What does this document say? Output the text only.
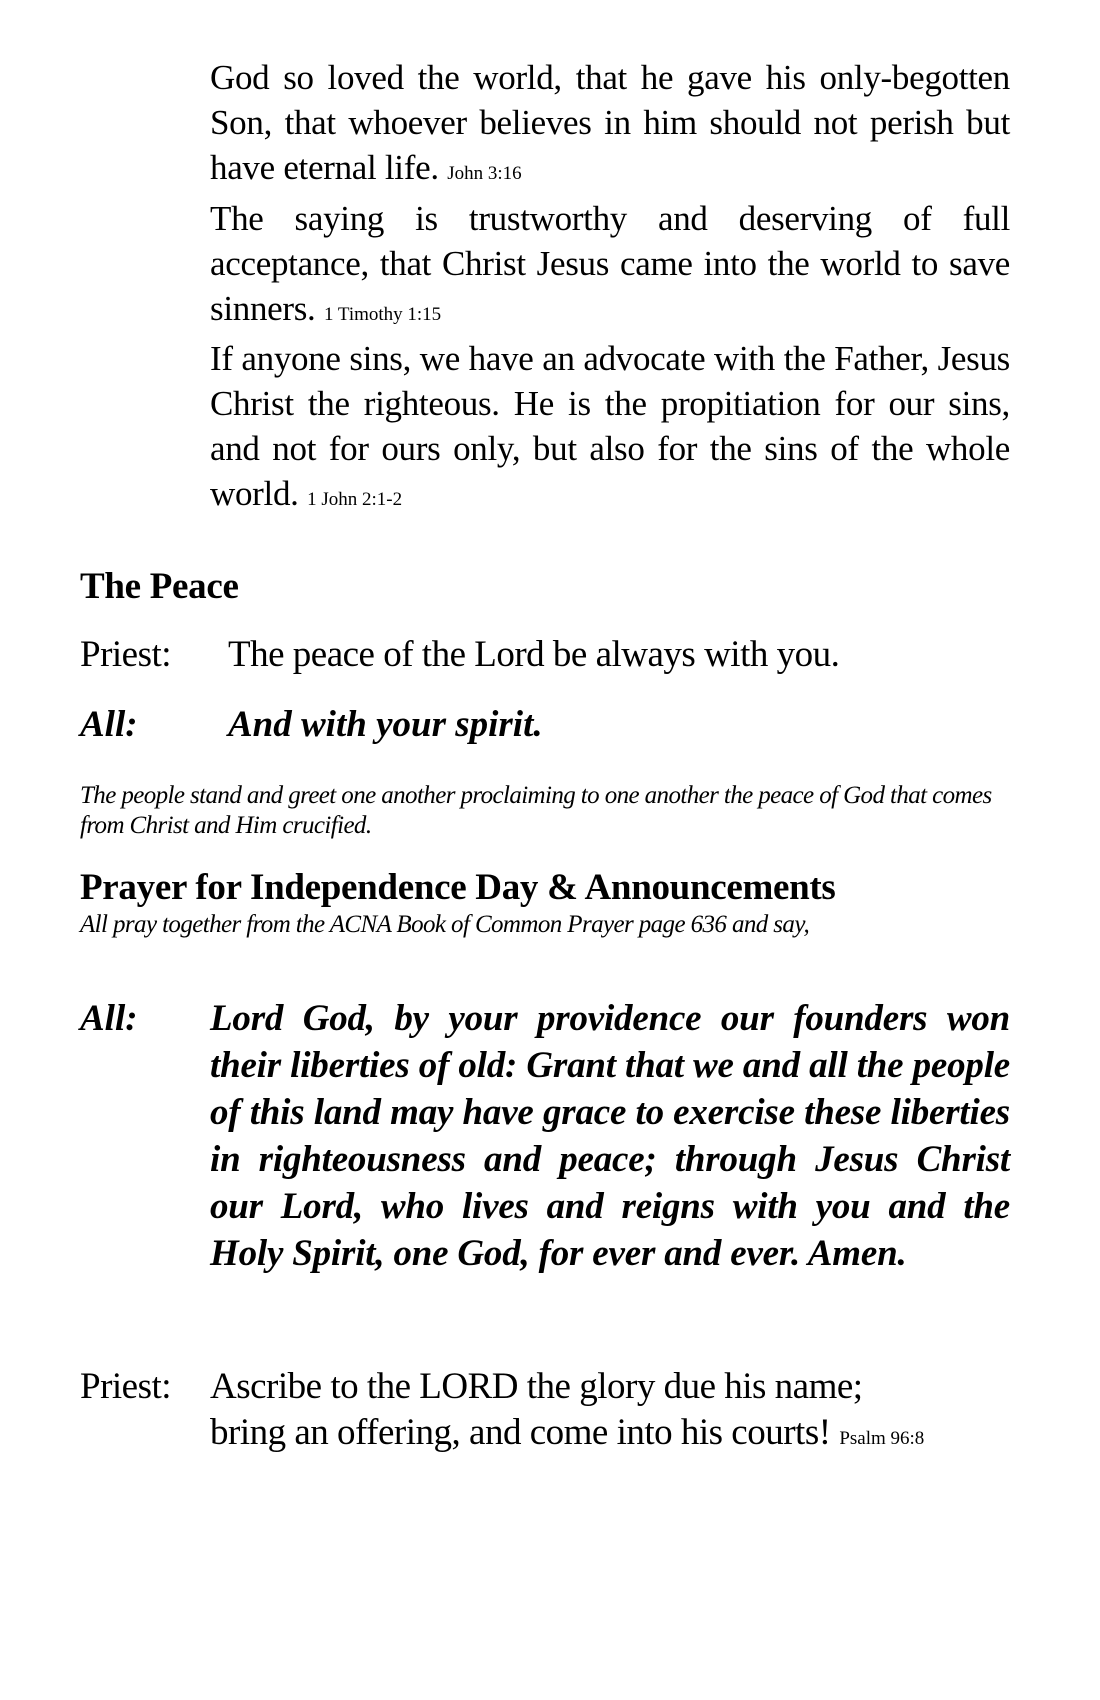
God so loved the world, that he gave his only-begotten Son, that whoever believes in him should not perish but have eternal life. John 3:16

The saying is trustworthy and deserving of full acceptance, that Christ Jesus came into the world to save sinners. 1 Timothy 1:15

If anyone sins, we have an advocate with the Father, Jesus Christ the righteous. He is the propitiation for our sins, and not for ours only, but also for the sins of the whole world. 1 John 2:1-2

The Peace
Priest: The peace of the Lord be always with you.
All: And with your spirit.
The people stand and greet one another proclaiming to one another the peace of God that comes from Christ and Him crucified.
Prayer for Independence Day & Announcements
All pray together from the ACNA Book of Common Prayer page 636 and say,
All: Lord God, by your providence our founders won their liberties of old: Grant that we and all the people of this land may have grace to exercise these liberties in righteousness and peace; through Jesus Christ our Lord, who lives and reigns with you and the Holy Spirit, one God, for ever and ever. Amen.
Priest: Ascribe to the LORD the glory due his name;
bring an offering, and come into his courts! Psalm 96:8
